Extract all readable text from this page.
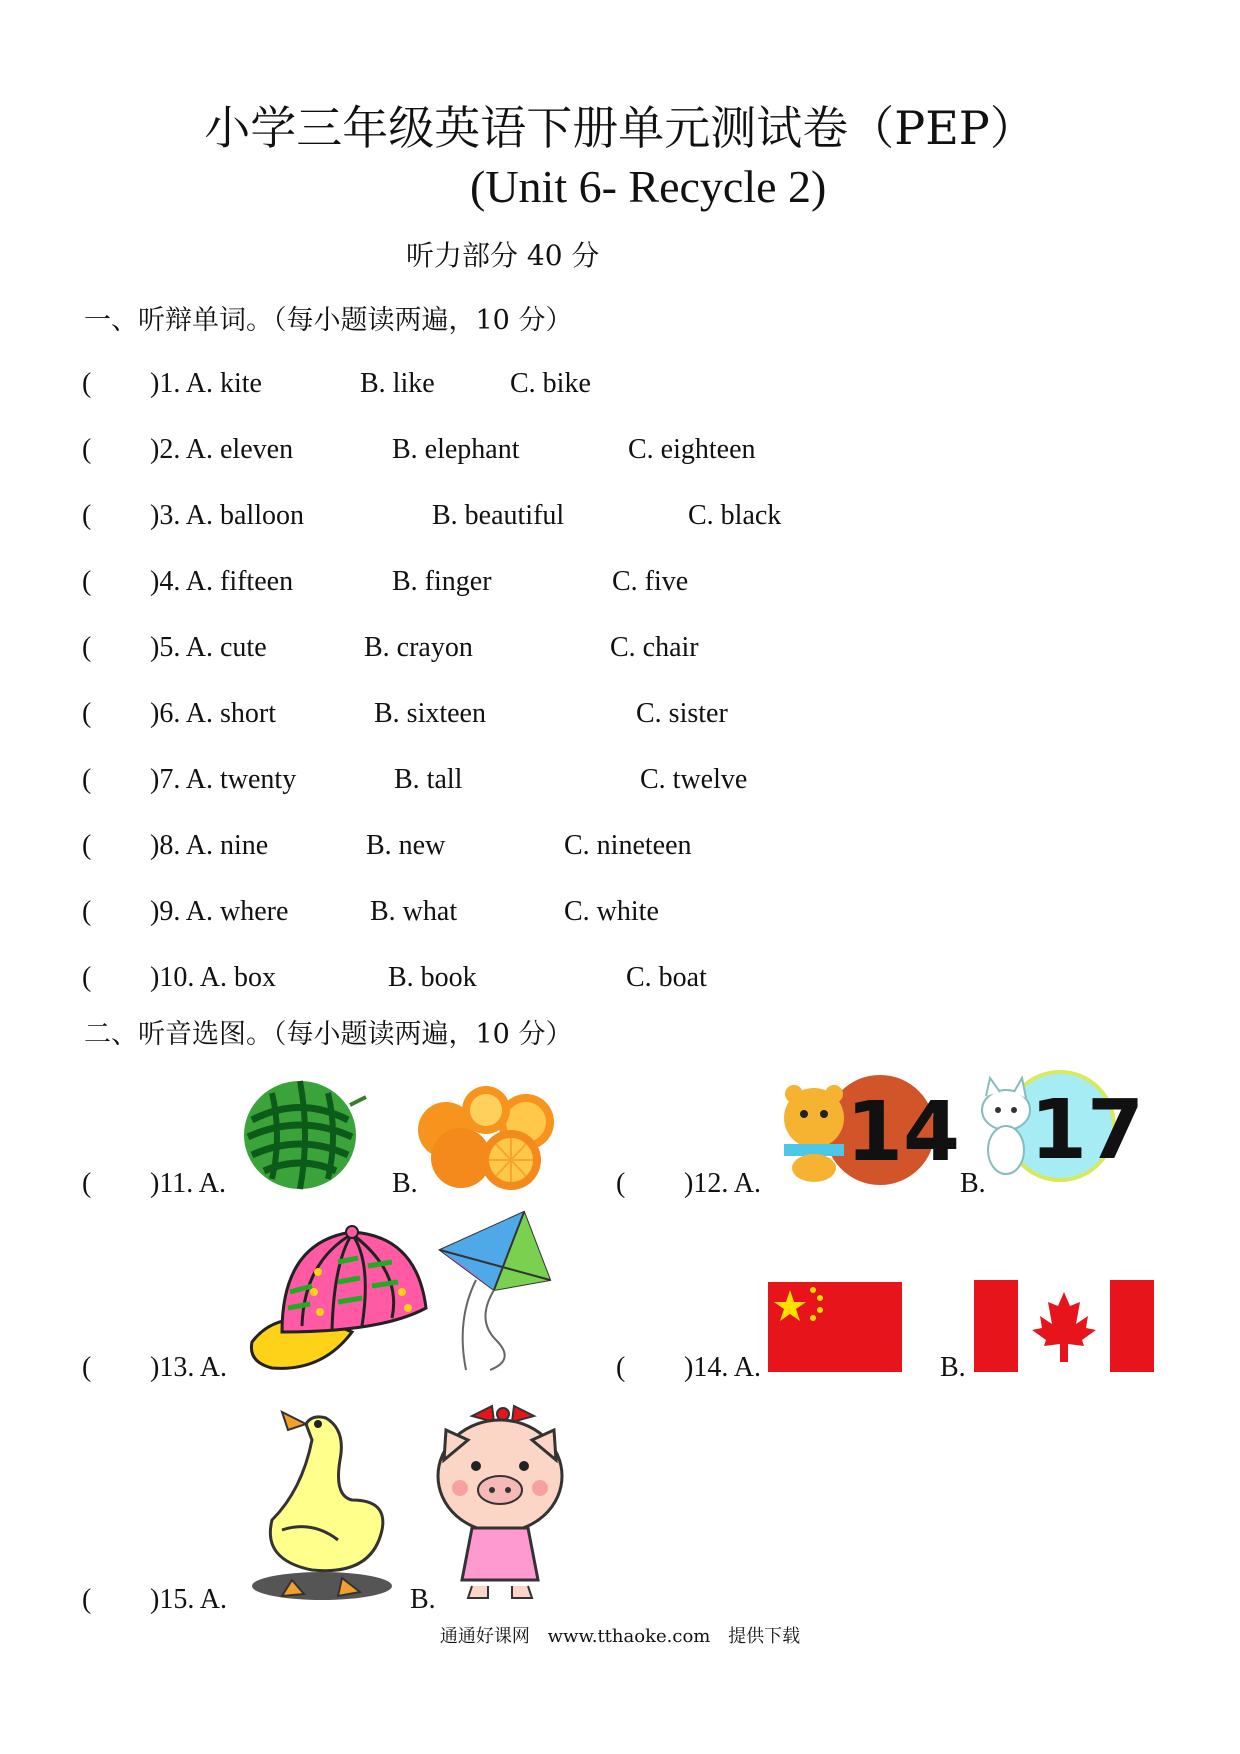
小学三年级英语下册单元测试卷（PEP）
(Unit 6- Recycle 2)
听力部分 40 分
一、听辩单词。（每小题读两遍，10 分）
( )1. A. kite	B. like	C. bike
( )2. A. eleven	B. elephant	C. eighteen
( )3. A. balloon	B. beautiful	C. black
( )4. A. fifteen	B. finger	C. five
( )5. A. cute	B. crayon	C. chair
( )6. A. short	B. sixteen	C. sister
( )7. A. twenty	B. tall	C. twelve
( )8. A. nine	B. new	C. nineteen
( )9. A. where	B. what	C. white
( )10. A. box	B. book	C. boat
二、听音选图。（每小题读两遍，10 分）
( )11. A.	B.	( )12. A.	B.
14 17
( )13. A.	( )14. A.	B.
( )15. A.	B.
通通好课网 www.tthaoke.com 提供下载
